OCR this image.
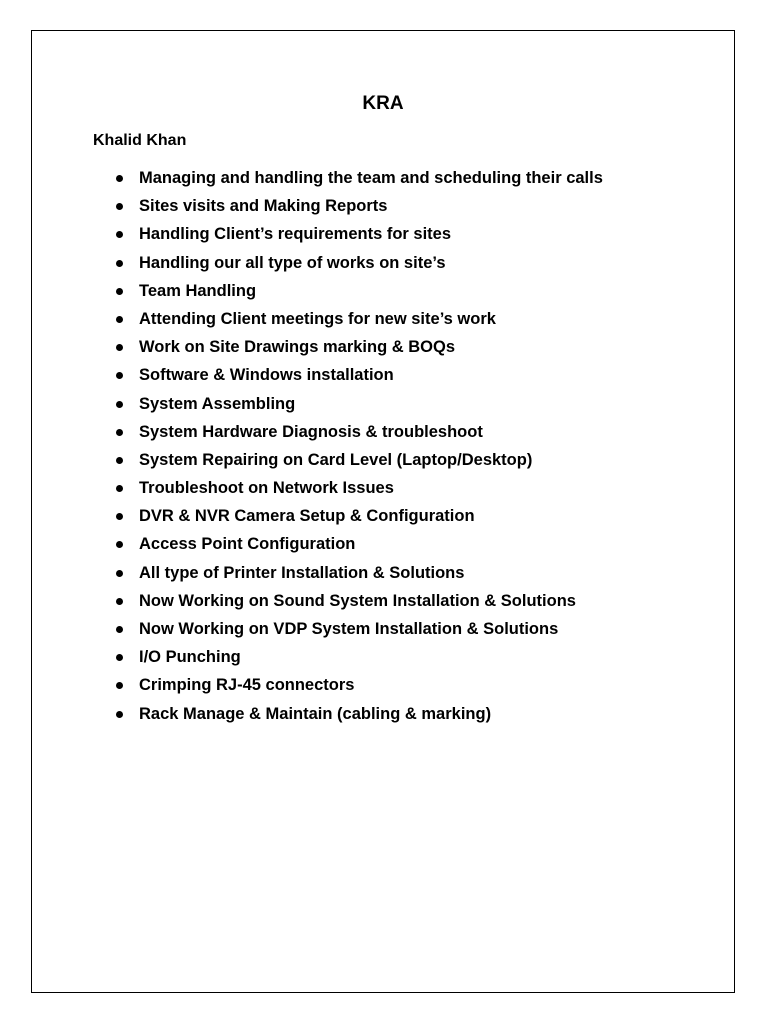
KRA

Khalid Khan

Managing and handling the team and scheduling their calls
Sites visits and Making Reports
Handling Client’s requirements for sites
Handling our all type of works on site’s
Team Handling
Attending Client meetings for new site’s work
Work on Site Drawings marking & BOQs
Software & Windows installation
System Assembling
System Hardware Diagnosis & troubleshoot
System Repairing on Card Level (Laptop/Desktop)
Troubleshoot on Network Issues
DVR & NVR Camera Setup & Configuration
Access Point Configuration
All type of Printer Installation & Solutions
Now Working on Sound System Installation & Solutions
Now Working on VDP System Installation & Solutions
I/O Punching
Crimping RJ-45 connectors
Rack Manage & Maintain (cabling & marking)
